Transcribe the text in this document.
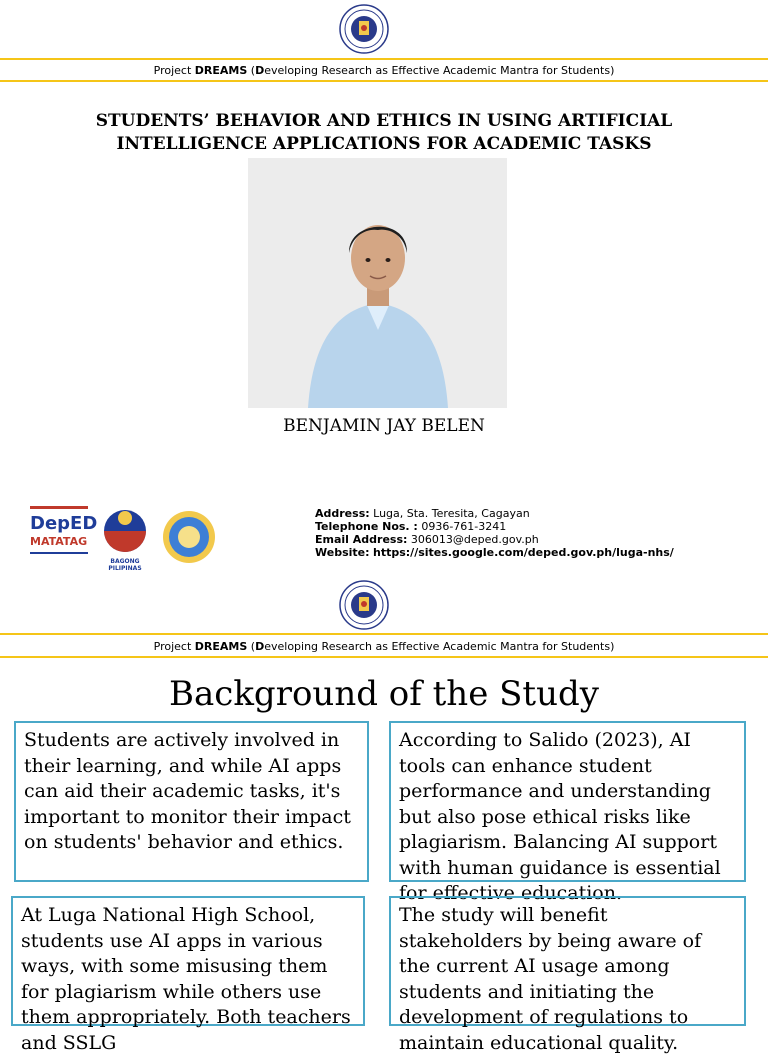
Project DREAMS (Developing Research as Effective Academic Mantra for Students)
STUDENTS’ BEHAVIOR AND ETHICS IN USING ARTIFICIAL INTELLIGENCE APPLICATIONS FOR ACADEMIC TASKS
BENJAMIN JAY BELEN
DepED
MATATAG
BAGONG PILIPINAS
Address: Luga, Sta. Teresita, Cagayan
Telephone Nos. : 0936-761-3241
Email Address: 306013@deped.gov.ph
Website: https://sites.google.com/deped.gov.ph/luga-nhs/
Project DREAMS (Developing Research as Effective Academic Mantra for Students)
Background of the Study
Students are actively involved in their learning, and while AI apps can aid their academic tasks, it's important to monitor their impact on students' behavior and ethics.
According to Salido (2023), AI tools can enhance student performance and understanding but also pose ethical risks like plagiarism. Balancing AI support with human guidance is essential for effective education.
At Luga National High School, students use AI apps in various ways, with some misusing them for plagiarism while others use them appropriately. Both teachers and SSLG
The study will benefit stakeholders by being aware of the current AI usage among students and initiating the development of regulations to maintain educational quality.
